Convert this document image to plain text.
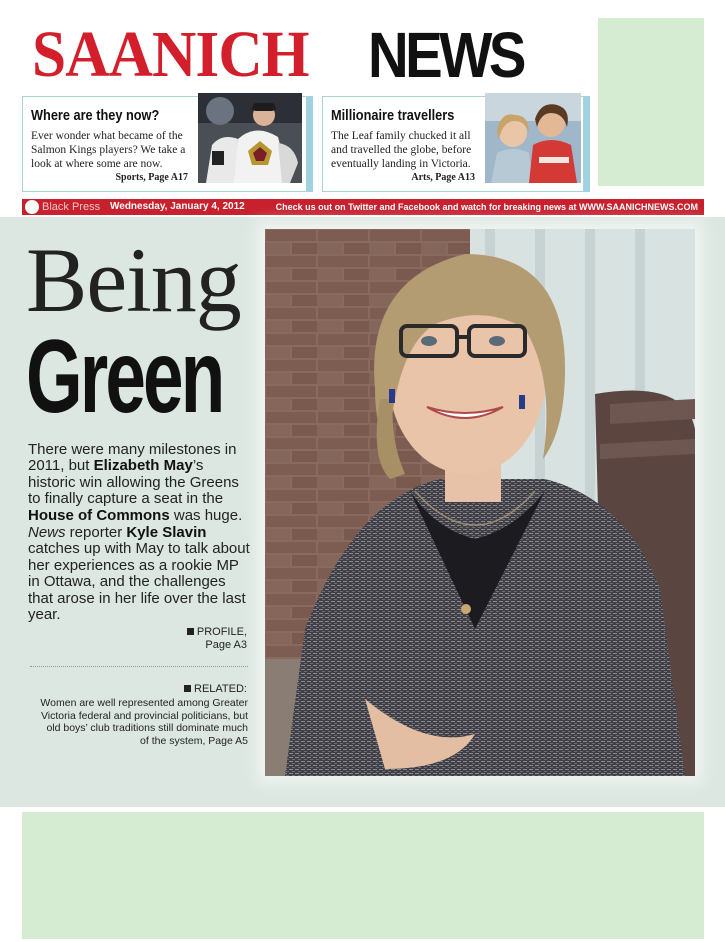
SAANICH NEWS
Where are they now?
Ever wonder what became of the Salmon Kings players? We take a look at where some are now.
Sports, Page A17
Millionaire travellers
The Leaf family chucked it all and travelled the globe, before eventually landing in Victoria.
Arts, Page A13
Black Press Wednesday, January 4, 2012	Check us out on Twitter and Facebook and watch for breaking news at WWW.SAANICHNEWS.COM
Being
Green

There were many milestones in 2011, but Elizabeth May’s historic win allowing the Greens to finally capture a seat in the House of Commons was huge.

News reporter Kyle Slavin catches up with May to talk about her experiences as a rookie MP in Ottawa, and the challenges that arose in her life over the last year.

PROFILE,
Page A3
RELATED:
Women are well represented among Greater Victoria federal and provincial politicians, but old boys’ club traditions still dominate much of the system, Page A5
